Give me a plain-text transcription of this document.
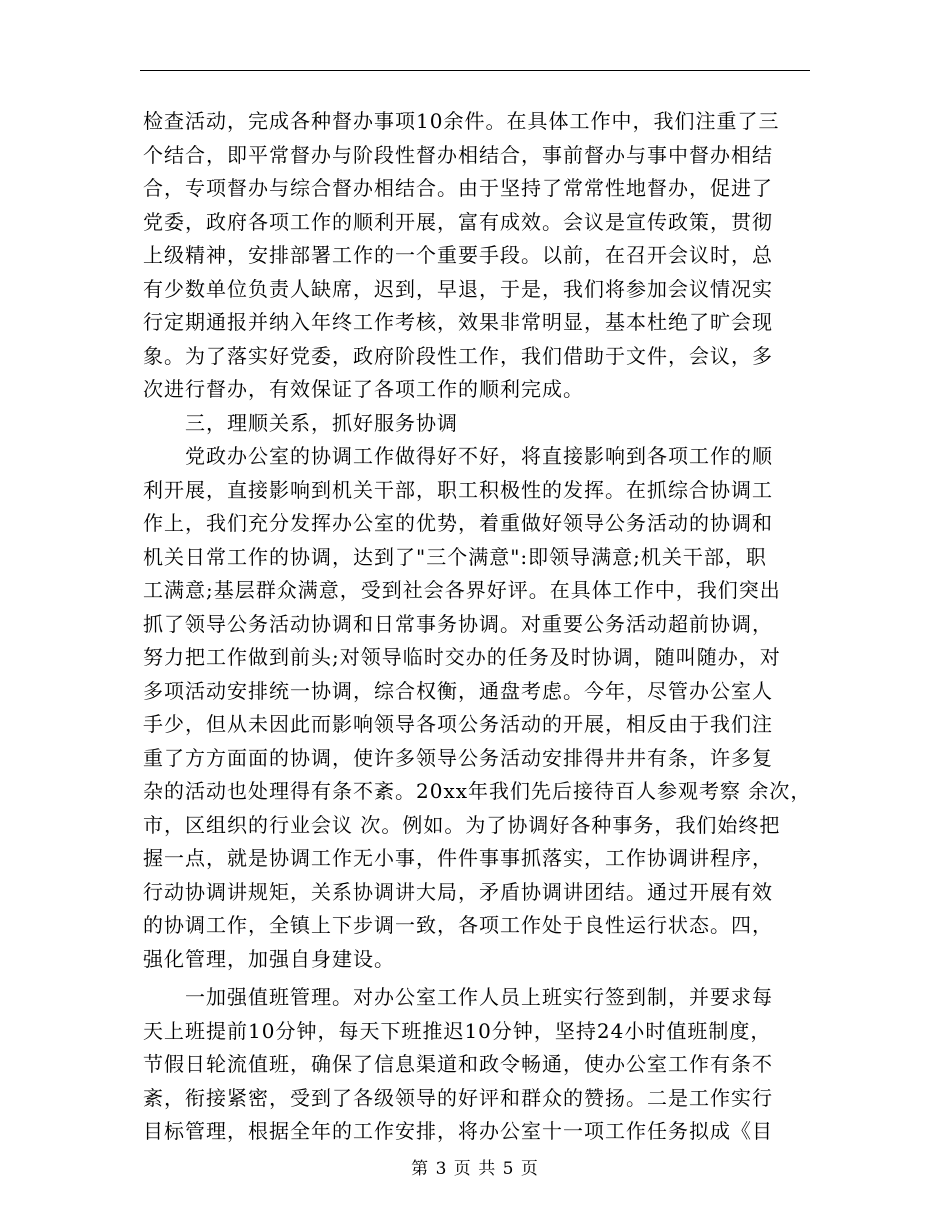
检查活动，完成各种督办事项10余件。在具体工作中，我们注重了三
个结合，即平常督办与阶段性督办相结合，事前督办与事中督办相结
合，专项督办与综合督办相结合。由于坚持了常常性地督办，促进了
党委，政府各项工作的顺利开展，富有成效。会议是宣传政策，贯彻
上级精神，安排部署工作的一个重要手段。以前，在召开会议时，总
有少数单位负责人缺席，迟到，早退，于是，我们将参加会议情况实
行定期通报并纳入年终工作考核，效果非常明显，基本杜绝了旷会现
象。为了落实好党委，政府阶段性工作，我们借助于文件，会议，多
次进行督办，有效保证了各项工作的顺利完成。
　　三，理顺关系，抓好服务协调
　　党政办公室的协调工作做得好不好，将直接影响到各项工作的顺
利开展，直接影响到机关干部，职工积极性的发挥。在抓综合协调工
作上，我们充分发挥办公室的优势，着重做好领导公务活动的协调和
机关日常工作的协调，达到了"三个满意":即领导满意;机关干部，职
工满意;基层群众满意，受到社会各界好评。在具体工作中，我们突出
抓了领导公务活动协调和日常事务协调。对重要公务活动超前协调，
努力把工作做到前头;对领导临时交办的任务及时协调，随叫随办，对
多项活动安排统一协调，综合权衡，通盘考虑。今年，尽管办公室人
手少，但从未因此而影响领导各项公务活动的开展，相反由于我们注
重了方方面面的协调，使许多领导公务活动安排得井井有条，许多复
杂的活动也处理得有条不紊。20xx年我们先后接待百人参观考察 余次，
市，区组织的行业会议 次。例如。为了协调好各种事务，我们始终把
握一点，就是协调工作无小事，件件事事抓落实，工作协调讲程序，
行动协调讲规矩，关系协调讲大局，矛盾协调讲团结。通过开展有效
的协调工作，全镇上下步调一致，各项工作处于良性运行状态。四，
强化管理，加强自身建设。
　　一加强值班管理。对办公室工作人员上班实行签到制，并要求每
天上班提前10分钟，每天下班推迟10分钟，坚持24小时值班制度，
节假日轮流值班，确保了信息渠道和政令畅通，使办公室工作有条不
紊，衔接紧密，受到了各级领导的好评和群众的赞扬。二是工作实行
目标管理，根据全年的工作安排，将办公室十一项工作任务拟成《目
第 3 页 共 5 页
